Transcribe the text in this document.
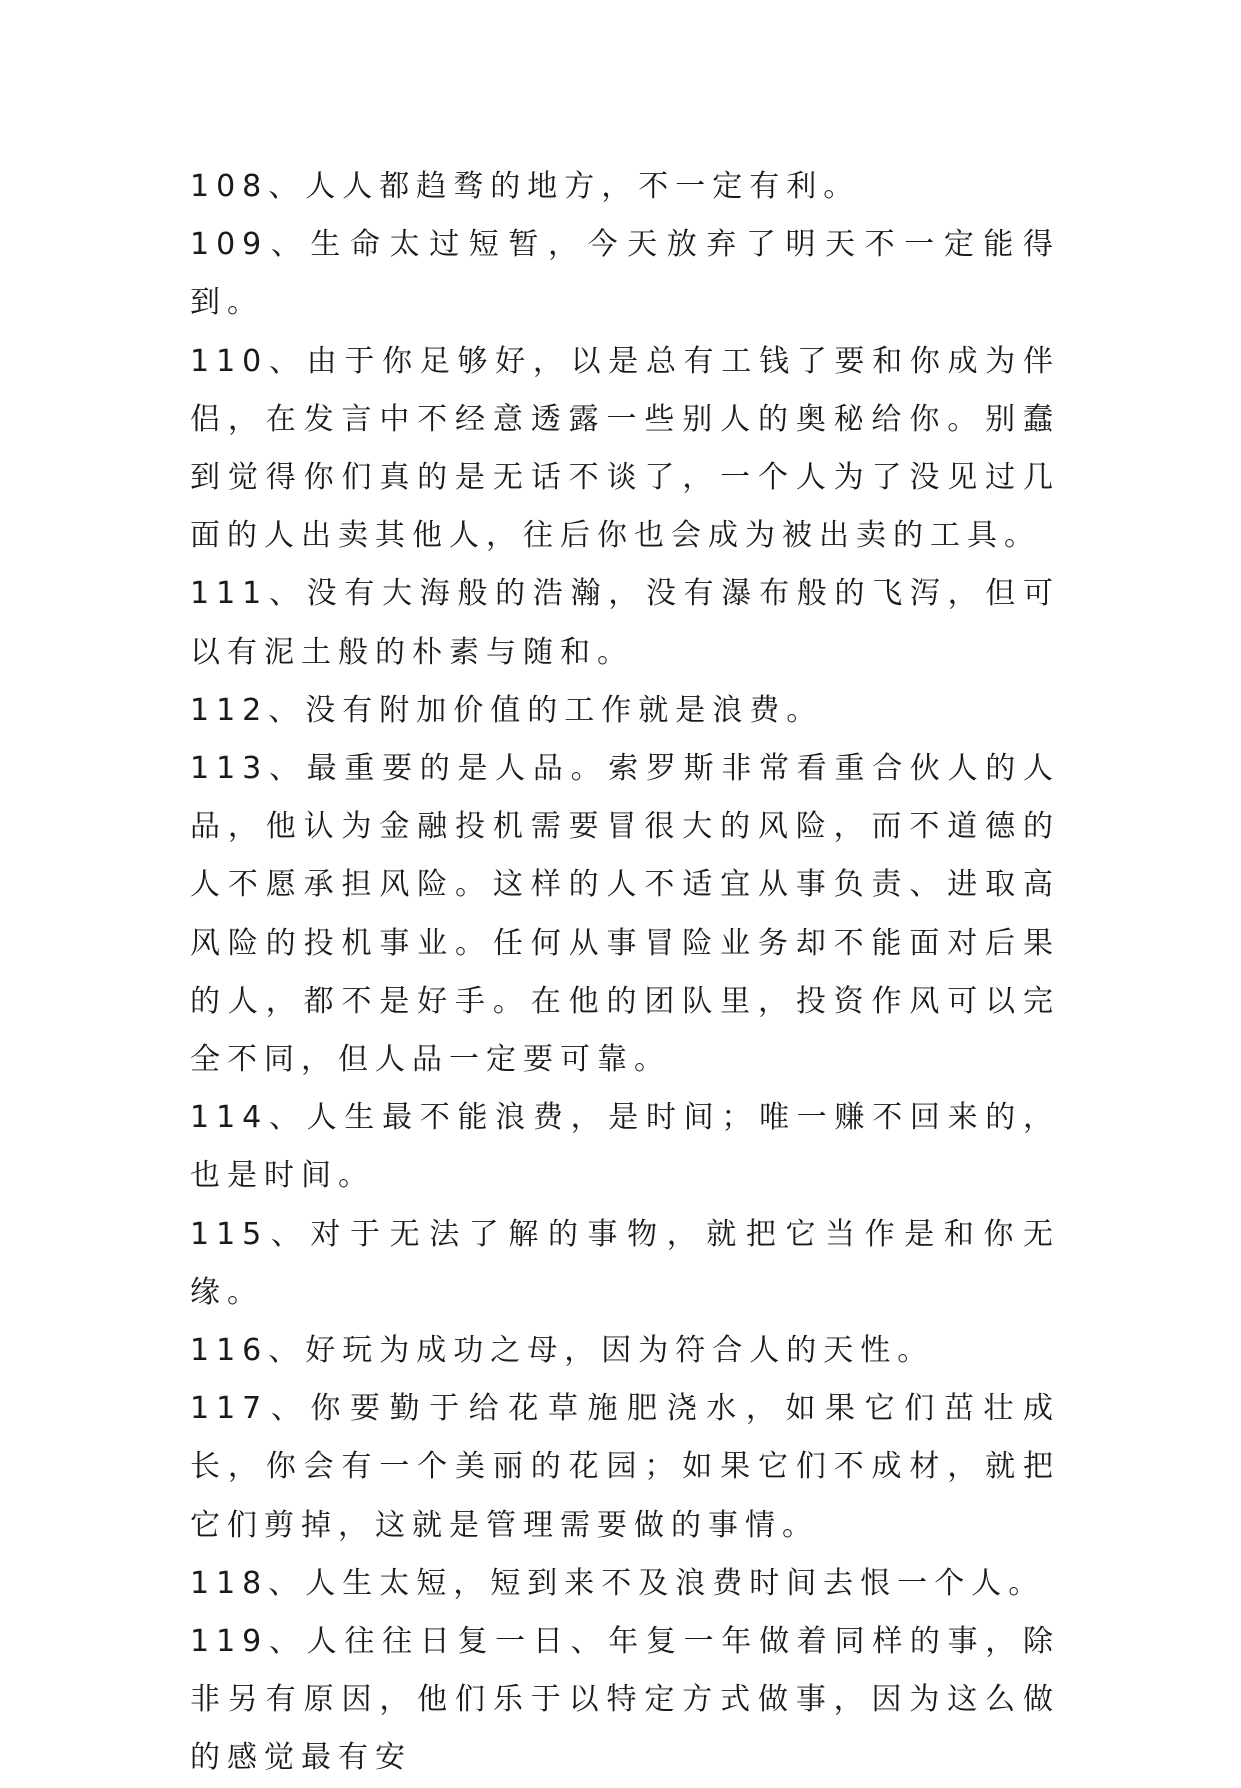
108、人人都趋骛的地方，不一定有利。

109、生命太过短暂，今天放弃了明天不一定能得到。

110、由于你足够好，以是总有工钱了要和你成为伴侣，在发言中不经意透露一些别人的奥秘给你。别蠢到觉得你们真的是无话不谈了，一个人为了没见过几面的人出卖其他人，往后你也会成为被出卖的工具。

111、没有大海般的浩瀚，没有瀑布般的飞泻，但可以有泥土般的朴素与随和。

112、没有附加价值的工作就是浪费。

113、最重要的是人品。索罗斯非常看重合伙人的人品，他认为金融投机需要冒很大的风险，而不道德的人不愿承担风险。这样的人不适宜从事负责、进取高风险的投机事业。任何从事冒险业务却不能面对后果的人，都不是好手。在他的团队里，投资作风可以完全不同，但人品一定要可靠。

114、人生最不能浪费，是时间；唯一赚不回来的，也是时间。

115、对于无法了解的事物，就把它当作是和你无缘。

116、好玩为成功之母，因为符合人的天性。

117、你要勤于给花草施肥浇水，如果它们茁壮成长，你会有一个美丽的花园；如果它们不成材，就把它们剪掉，这就是管理需要做的事情。

118、人生太短，短到来不及浪费时间去恨一个人。

119、人往往日复一日、年复一年做着同样的事，除非另有原因，他们乐于以特定方式做事，因为这么做的感觉最有安
